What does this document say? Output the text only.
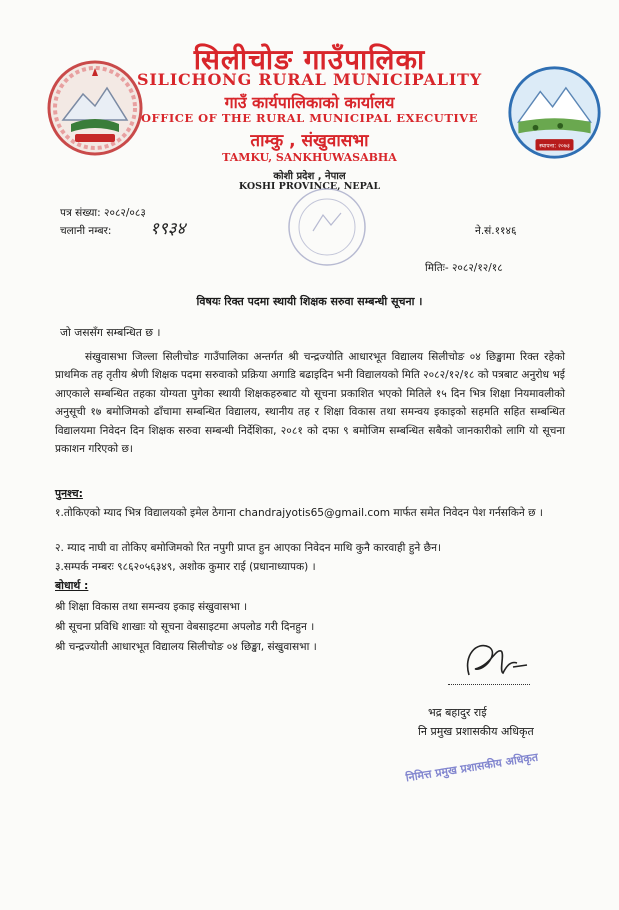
स्थापना: २०७३
सिलीचोङ गाउँपालिका
SILICHONG RURAL MUNICIPALITY
गाउँ कार्यपालिकाको कार्यालय
OFFICE OF THE RURAL MUNICIPAL EXECUTIVE
ताम्कु , संखुवासभा
TAMKU, SANKHUWASABHA
कोशी प्रदेश , नेपाल
KOSHI PROVINCE, NEPAL
पत्र संख्या: २०८२/०८३
चलानी नम्बर: १९३४	ने.सं.११४६
मितिः- २०८२/१२/१८
विषयः रिक्त पदमा स्थायी शिक्षक सरुवा सम्बन्धी सूचना ।
जो जससँग सम्बन्धित छ ।
संखुवासभा जिल्ला सिलीचोङ गाउँपालिका अन्तर्गत श्री चन्द्रज्योति आधारभूत विद्यालय सिलीचोङ ०४ छिङ्खामा रिक्त रहेको प्राथमिक तह तृतीय श्रेणी शिक्षक पदमा सरुवाको प्रक्रिया अगाडि बढाइदिन भनी विद्यालयको मिति २०८२/१२/१८ को पत्रबाट अनुरोध भई आएकाले सम्बन्धित तहका योग्यता पुगेका स्थायी शिक्षकहरुबाट यो सूचना प्रकाशित भएको मितिले १५ दिन भित्र शिक्षा नियमावलीको अनुसूची १७ बमोजिमको ढाँचामा सम्बन्धित विद्यालय, स्थानीय तह र शिक्षा विकास तथा समन्वय इकाइको सहमति सहित सम्बन्धित विद्यालयमा निवेदन दिन शिक्षक सरुवा सम्बन्धी निर्देशिका, २०८१ को दफा ९ बमोजिम सम्बन्धित सबैको जानकारीको लागि यो सूचना प्रकाशन गरिएको छ।
पुनश्च:
१.तोकिएको म्याद भित्र विद्यालयको इमेल ठेगाना chandrajyotis65@gmail.com मार्फत समेत निवेदन पेश गर्नसकिने छ ।
२. म्याद नाघी वा तोकिए बमोजिमको रित नपुगी प्राप्त हुन आएका निवेदन माथि कुनै कारवाही हुने छैन।
३.सम्पर्क नम्बरः ९८६२०५६३४९, अशोक कुमार राई (प्रधानाध्यापक) ।
बोधार्थ :
श्री शिक्षा विकास तथा समन्वय इकाइ संखुवासभा ।
श्री सूचना प्रविधि शाखाः यो सूचना वेबसाइटमा अपलोड गरी दिनहुन ।
श्री चन्द्रज्योती आधारभूत विद्यालय सिलीचोङ ०४ छिङ्खा, संखुवासभा ।
भद्र बहादुर राई
नि प्रमुख प्रशासकीय अधिकृत
निमित्त प्रमुख प्रशासकीय अधिकृत
